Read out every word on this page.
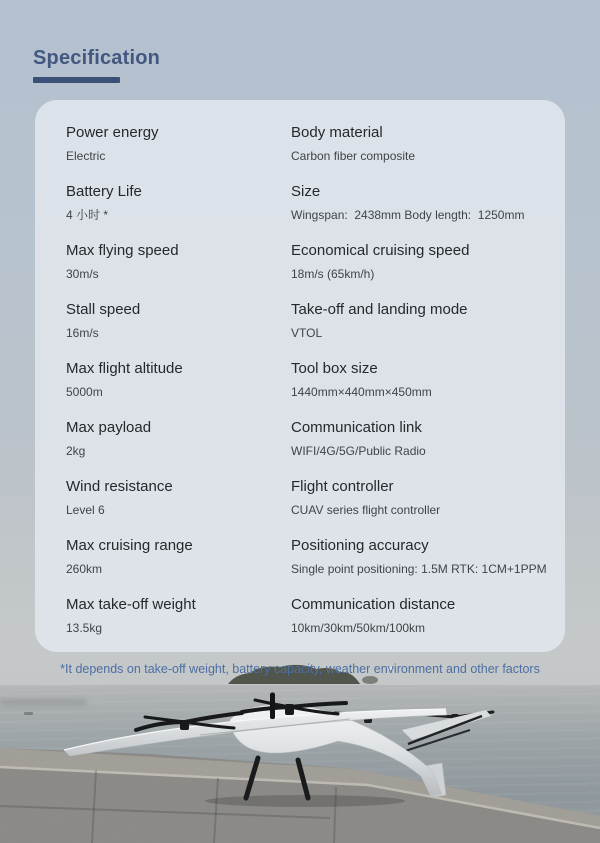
*It depends on take-off weight, battery capacity, weather environment and other factors
Specification
Power energy
Electric
Body material
Carbon fiber composite
Battery Life
4 小时 *
Size
Wingspan:  2438mm Body length:  1250mm
Max flying speed
30m/s
Economical cruising speed
18m/s (65km/h)
Stall speed
16m/s
Take-off and landing mode
VTOL
Max flight altitude
5000m
Tool box size
1440mm×440mm×450mm
Max payload
2kg
Communication link
WIFI/4G/5G/Public Radio
Wind resistance
Level 6
Flight controller
CUAV series flight controller
Max cruising range
260km
Positioning accuracy
Single point positioning: 1.5M RTK: 1CM+1PPM
Max take-off weight
13.5kg
Communication distance
10km/30km/50km/100km
